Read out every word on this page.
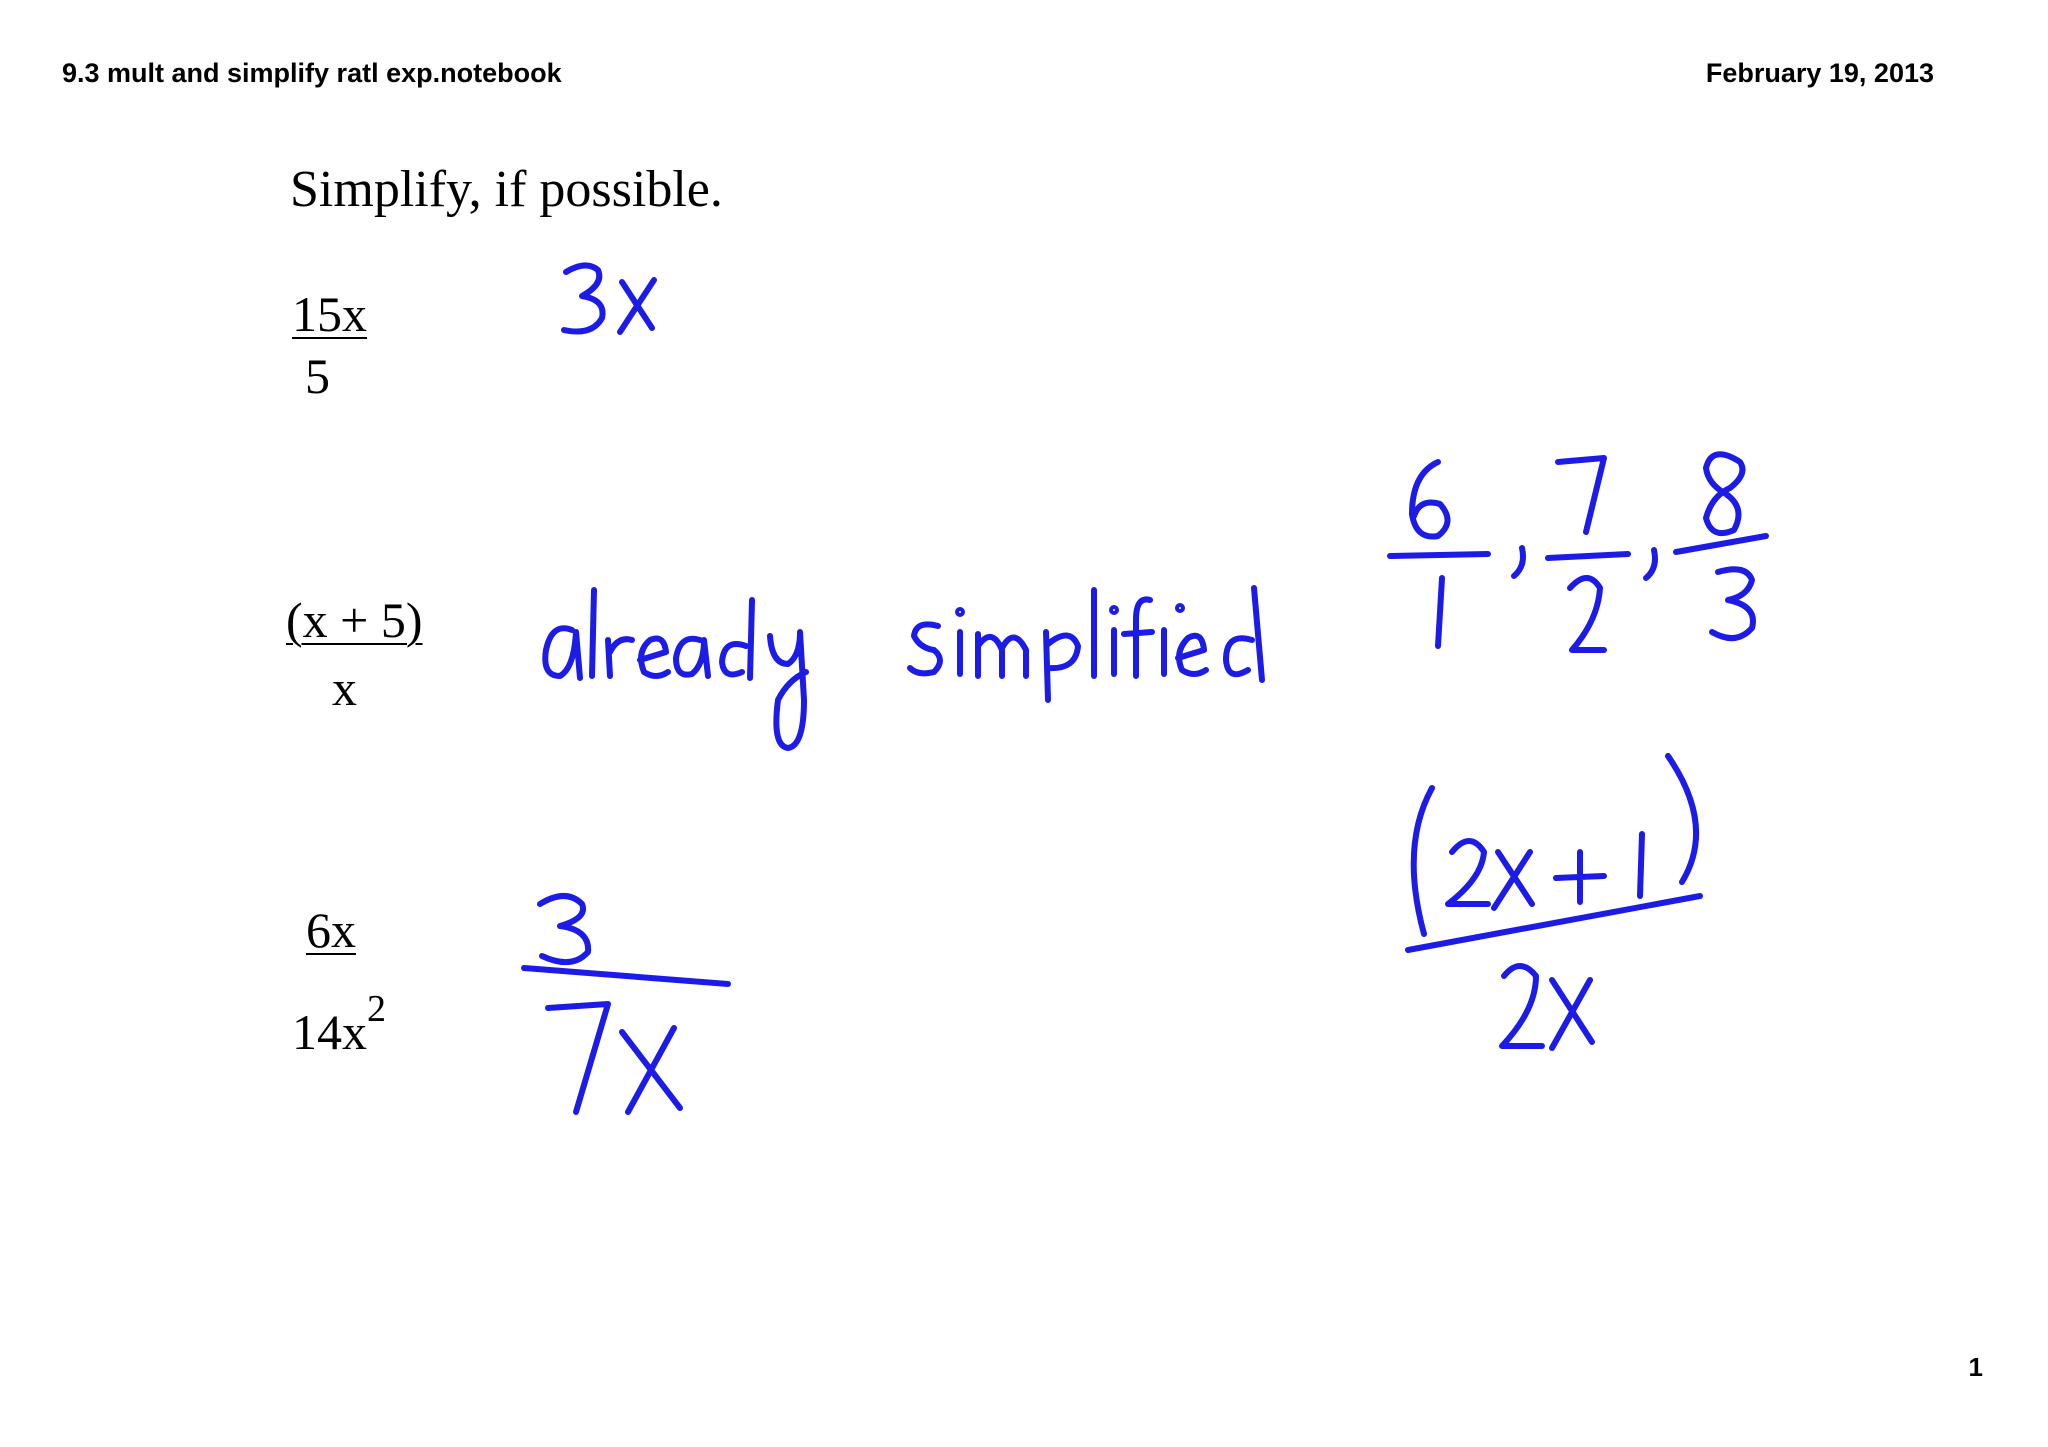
9.3 mult and simplify ratl exp.notebook	February 19, 2013
Simplify, if possible.
15x
5
(x + 5)
x
6x
$14x^2$
1
